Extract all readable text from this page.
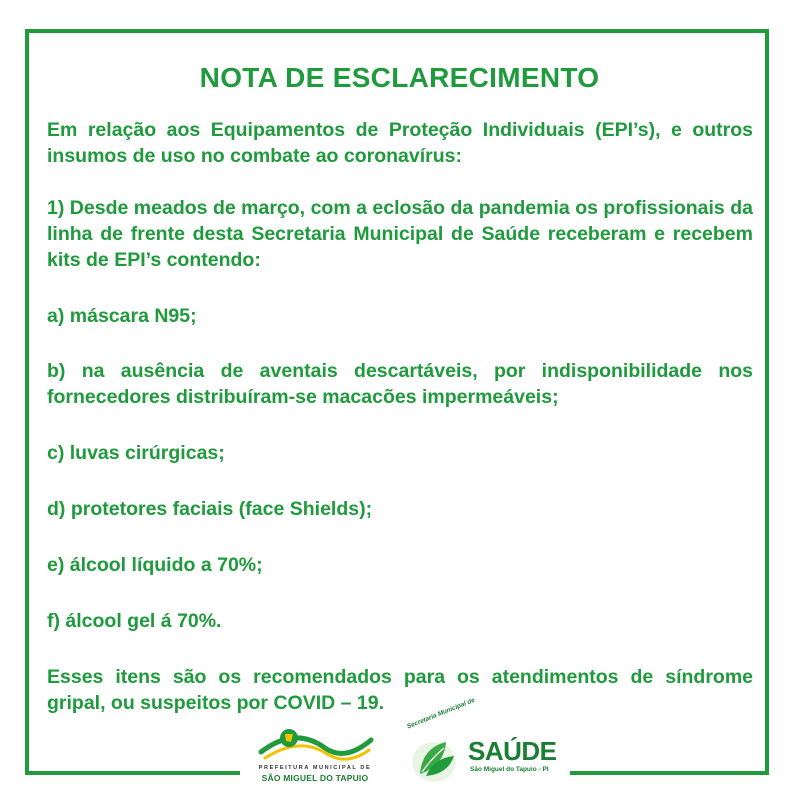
NOTA DE ESCLARECIMENTO

Em relação aos Equipamentos de Proteção Individuais (EPI’s), e outros insumos de uso no combate ao coronavírus:

1) Desde meados de março, com a eclosão da pandemia os profissionais da linha de frente desta Secretaria Municipal de Saúde receberam e recebem kits de EPI’s contendo:

a) máscara N95;

b) na ausência de aventais descartáveis, por indisponibilidade nos fornecedores distribuíram-se macacões impermeáveis;

c) luvas cirúrgicas;

d) protetores faciais (face Shields);

e) álcool líquido a 70%;

f) álcool gel á 70%.

Esses itens são os recomendados para os atendimentos de síndrome gripal, ou suspeitos por COVID – 19.

PREFEITURA MUNICIPAL DE
SÃO MIGUEL DO TAPUIO
Secretaria Municipal de
SAÚDE
São Miguel do Tapuio - PI
